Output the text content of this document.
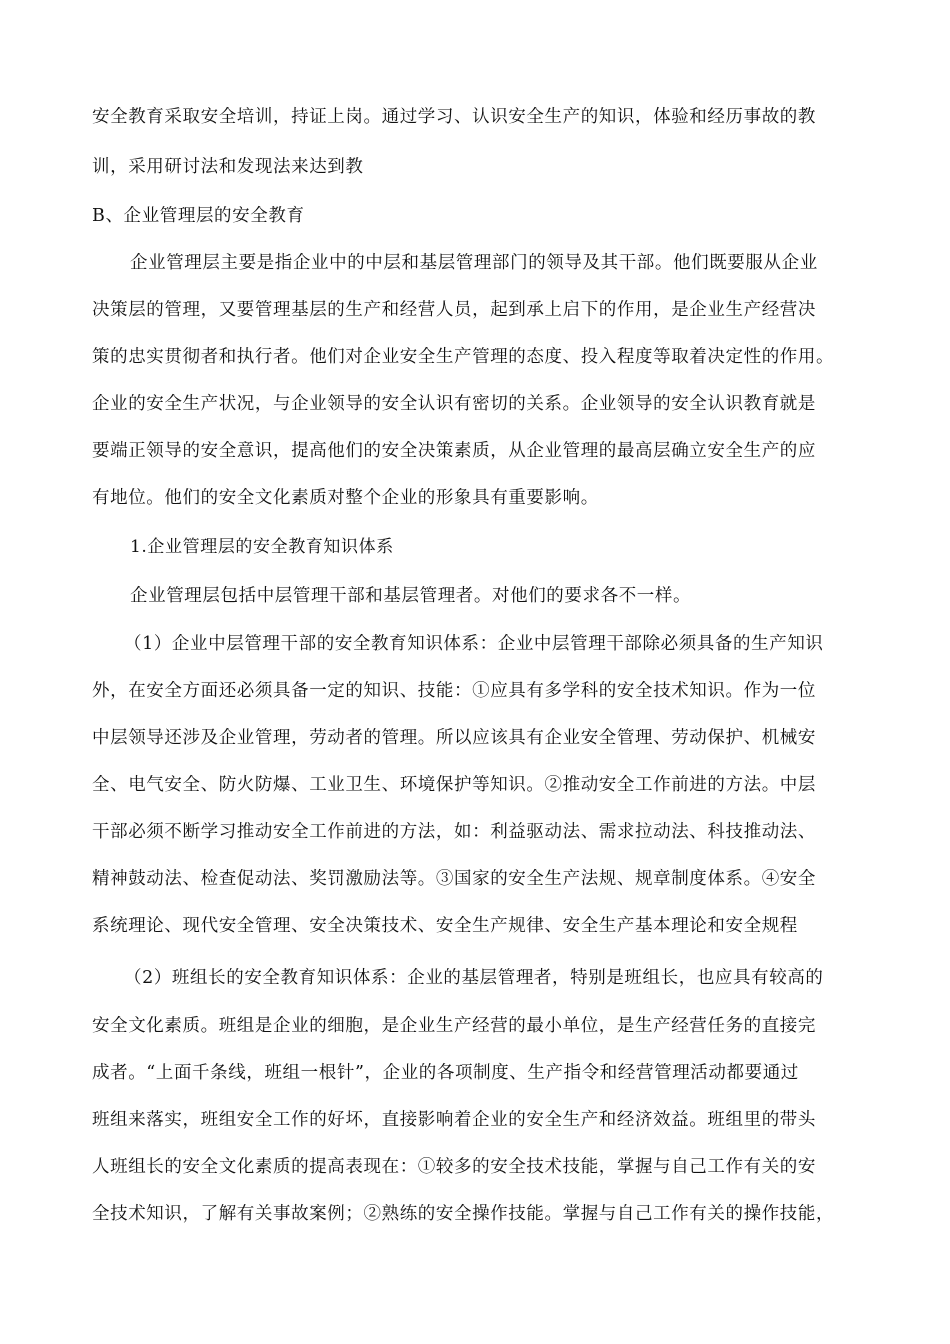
安全教育采取安全培训，持证上岗。通过学习、认识安全生产的知识，体验和经历事故的教
训，采用研讨法和发现法来达到教
B、企业管理层的安全教育
企业管理层主要是指企业中的中层和基层管理部门的领导及其干部。他们既要服从企业
决策层的管理，又要管理基层的生产和经营人员，起到承上启下的作用，是企业生产经营决
策的忠实贯彻者和执行者。他们对企业安全生产管理的态度、投入程度等取着决定性的作用。
企业的安全生产状况，与企业领导的安全认识有密切的关系。企业领导的安全认识教育就是
要端正领导的安全意识，提高他们的安全决策素质，从企业管理的最高层确立安全生产的应
有地位。他们的安全文化素质对整个企业的形象具有重要影响。
1.企业管理层的安全教育知识体系
企业管理层包括中层管理干部和基层管理者。对他们的要求各不一样。
（1）企业中层管理干部的安全教育知识体系：企业中层管理干部除必须具备的生产知识
外，在安全方面还必须具备一定的知识、技能：①应具有多学科的安全技术知识。作为一位
中层领导还涉及企业管理，劳动者的管理。所以应该具有企业安全管理、劳动保护、机械安
全、电气安全、防火防爆、工业卫生、环境保护等知识。②推动安全工作前进的方法。中层
干部必须不断学习推动安全工作前进的方法，如：利益驱动法、需求拉动法、科技推动法、
精神鼓动法、检查促动法、奖罚激励法等。③国家的安全生产法规、规章制度体系。④安全
系统理论、现代安全管理、安全决策技术、安全生产规律、安全生产基本理论和安全规程
（2）班组长的安全教育知识体系：企业的基层管理者，特别是班组长，也应具有较高的
安全文化素质。班组是企业的细胞，是企业生产经营的最小单位，是生产经营任务的直接完
成者。“上面千条线，班组一根针”，企业的各项制度、生产指令和经营管理活动都要通过
班组来落实，班组安全工作的好坏，直接影响着企业的安全生产和经济效益。班组里的带头
人班组长的安全文化素质的提高表现在：①较多的安全技术技能，掌握与自己工作有关的安
全技术知识，了解有关事故案例；②熟练的安全操作技能。掌握与自己工作有关的操作技能，
